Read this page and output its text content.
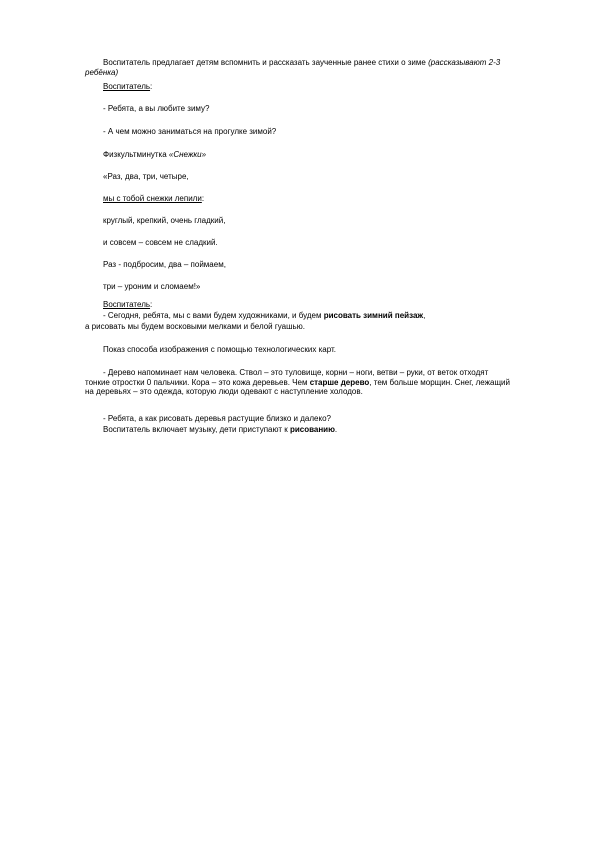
Воспитатель предлагает детям вспомнить и рассказать заученные ранее стихи о зиме (рассказывают 2-3 ребёнка)

Воспитатель:
- Ребята, а вы любите зиму?
- А чем можно заниматься на прогулке зимой?
Физкультминутка «Снежки»
«Раз, два, три, четыре,
мы с тобой снежки лепили:
круглый, крепкий, очень гладкий,
и совсем – совсем не сладкий.
Раз - подбросим, два – поймаем,
три – уроним и сломаем!»
Воспитатель:
- Сегодня, ребята, мы с вами будем художниками, и будем рисовать зимний пейзаж,
а рисовать мы будем восковыми мелками и белой гуашью.
Показ способа изображения с помощью технологических карт.

- Дерево напоминает нам человека. Ствол – это туловище, корни – ноги, ветви – руки, от веток отходят тонкие отростки 0 пальчики. Кора – это кожа деревьев. Чем старше дерево, тем больше морщин. Снег, лежащий на деревьях – это одежда, которую люди одевают с наступление холодов.

- Ребята, а как рисовать деревья растущие близко и далеко?
Воспитатель включает музыку, дети приступают к рисованию.
